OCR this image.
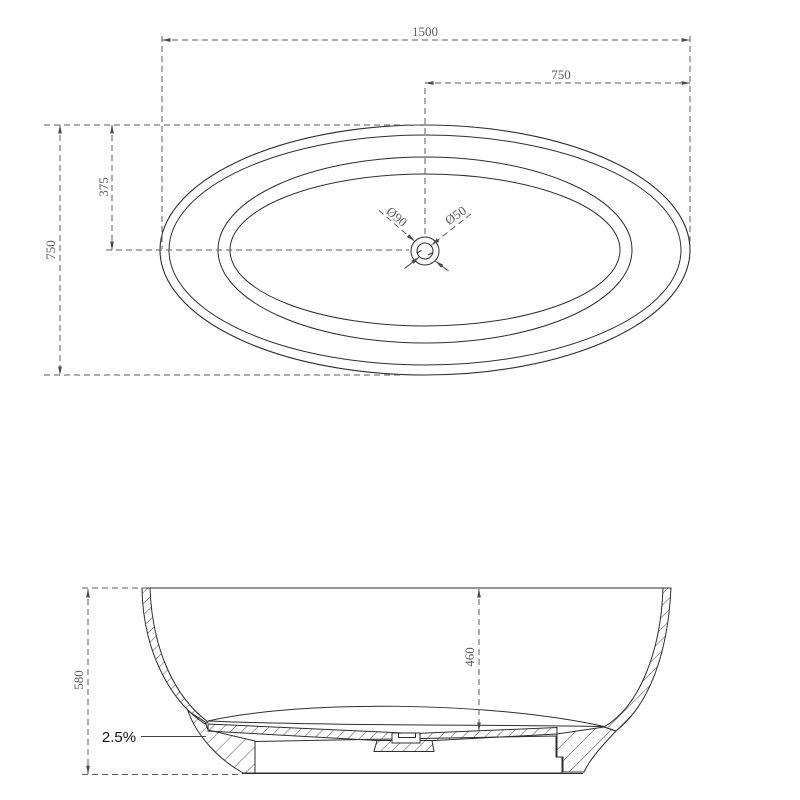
Ø90 Ø50
1500
750
750
375
580
460
2.5%
